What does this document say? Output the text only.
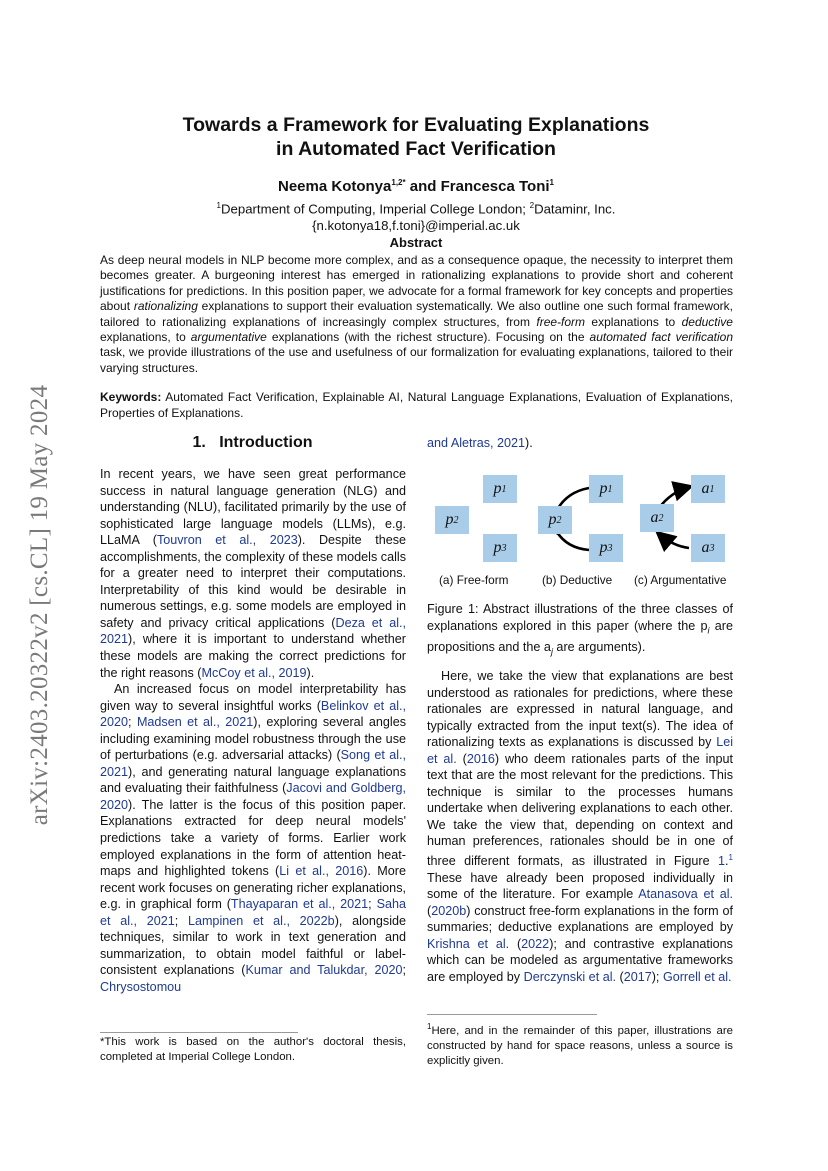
arXiv:2403.20322v2 [cs.CL] 19 May 2024
Towards a Framework for Evaluating Explanations
in Automated Fact Verification
Neema Kotonya$^{1,2*}$ and Francesca Toni$^1$
$^1$Department of Computing, Imperial College London; $^2$Dataminr, Inc.
{n.kotonya18,f.toni}@imperial.ac.uk
Abstract
As deep neural models in NLP become more complex, and as a consequence opaque, the necessity to interpret them becomes greater. A burgeoning interest has emerged in rationalizing explanations to provide short and coherent justifications for predictions. In this position paper, we advocate for a formal framework for key concepts and properties about rationalizing explanations to support their evaluation systematically. We also outline one such formal framework, tailored to rationalizing explanations of increasingly complex structures, from free-form explanations to deductive explanations, to argumentative explanations (with the richest structure). Focusing on the automated fact verification task, we provide illustrations of the use and usefulness of our formalization for evaluating explanations, tailored to their varying structures.
Keywords: Automated Fact Verification, Explainable AI, Natural Language Explanations, Evaluation of Explanations, Properties of Explanations.
1. Introduction

In recent years, we have seen great performance success in natural language generation (NLG) and understanding (NLU), facilitated primarily by the use of sophisticated large language models (LLMs), e.g. LLaMA (Touvron et al., 2023). Despite these accomplishments, the complexity of these models calls for a greater need to interpret their computations. Interpretability of this kind would be desirable in numerous settings, e.g. some models are employed in safety and privacy critical applications (Deza et al., 2021), where it is important to understand whether these models are making the correct predictions for the right reasons (McCoy et al., 2019).

An increased focus on model interpretability has given way to several insightful works (Belinkov et al., 2020; Madsen et al., 2021), exploring several angles including examining model robustness through the use of perturbations (e.g. adversarial attacks) (Song et al., 2021), and generating natural language explanations and evaluating their faithfulness (Jacovi and Goldberg, 2020). The latter is the focus of this position paper. Explanations extracted for deep neural models' predictions take a variety of forms. Earlier work employed explanations in the form of attention heat-maps and highlighted tokens (Li et al., 2016). More recent work focuses on generating richer explanations, e.g. in graphical form (Thayaparan et al., 2021; Saha et al., 2021; Lampinen et al., 2022b), alongside techniques, similar to work in text generation and summarization, to obtain model faithful or label-consistent explanations (Kumar and Talukdar, 2020; Chrysostomou

and Aletras, 2021).
p 1
p 2
p 3
p 1
p 2
p 3
a 1
a 2
a 3
(a) Free-form	(b) Deductive (c) Argumentative
Figure 1: Abstract illustrations of the three classes of explanations explored in this paper (where the $p_i$ are propositions and the $a_j$ are arguments).

Here, we take the view that explanations are best understood as rationales for predictions, where these rationales are expressed in natural language, and typically extracted from the input text(s). The idea of rationalizing texts as explanations is discussed by Lei et al. (2016) who deem rationales parts of the input text that are the most relevant for the predictions. This technique is similar to the processes humans undertake when delivering explanations to each other. We take the view that, depending on context and human preferences, rationales should be in one of three different formats, as illustrated in Figure 1.$^1$ These have already been proposed individually in some of the literature. For example Atanasova et al. (2020b) construct free-form explanations in the form of summaries; deductive explanations are employed by Krishna et al. (2022); and contrastive explanations which can be modeled as argumentative frameworks are employed by Derczynski et al. (2017); Gorrell et al.

*This work is based on the author's doctoral thesis, completed at Imperial College London.
$^1$Here, and in the remainder of this paper, illustrations are constructed by hand for space reasons, unless a source is explicitly given.
